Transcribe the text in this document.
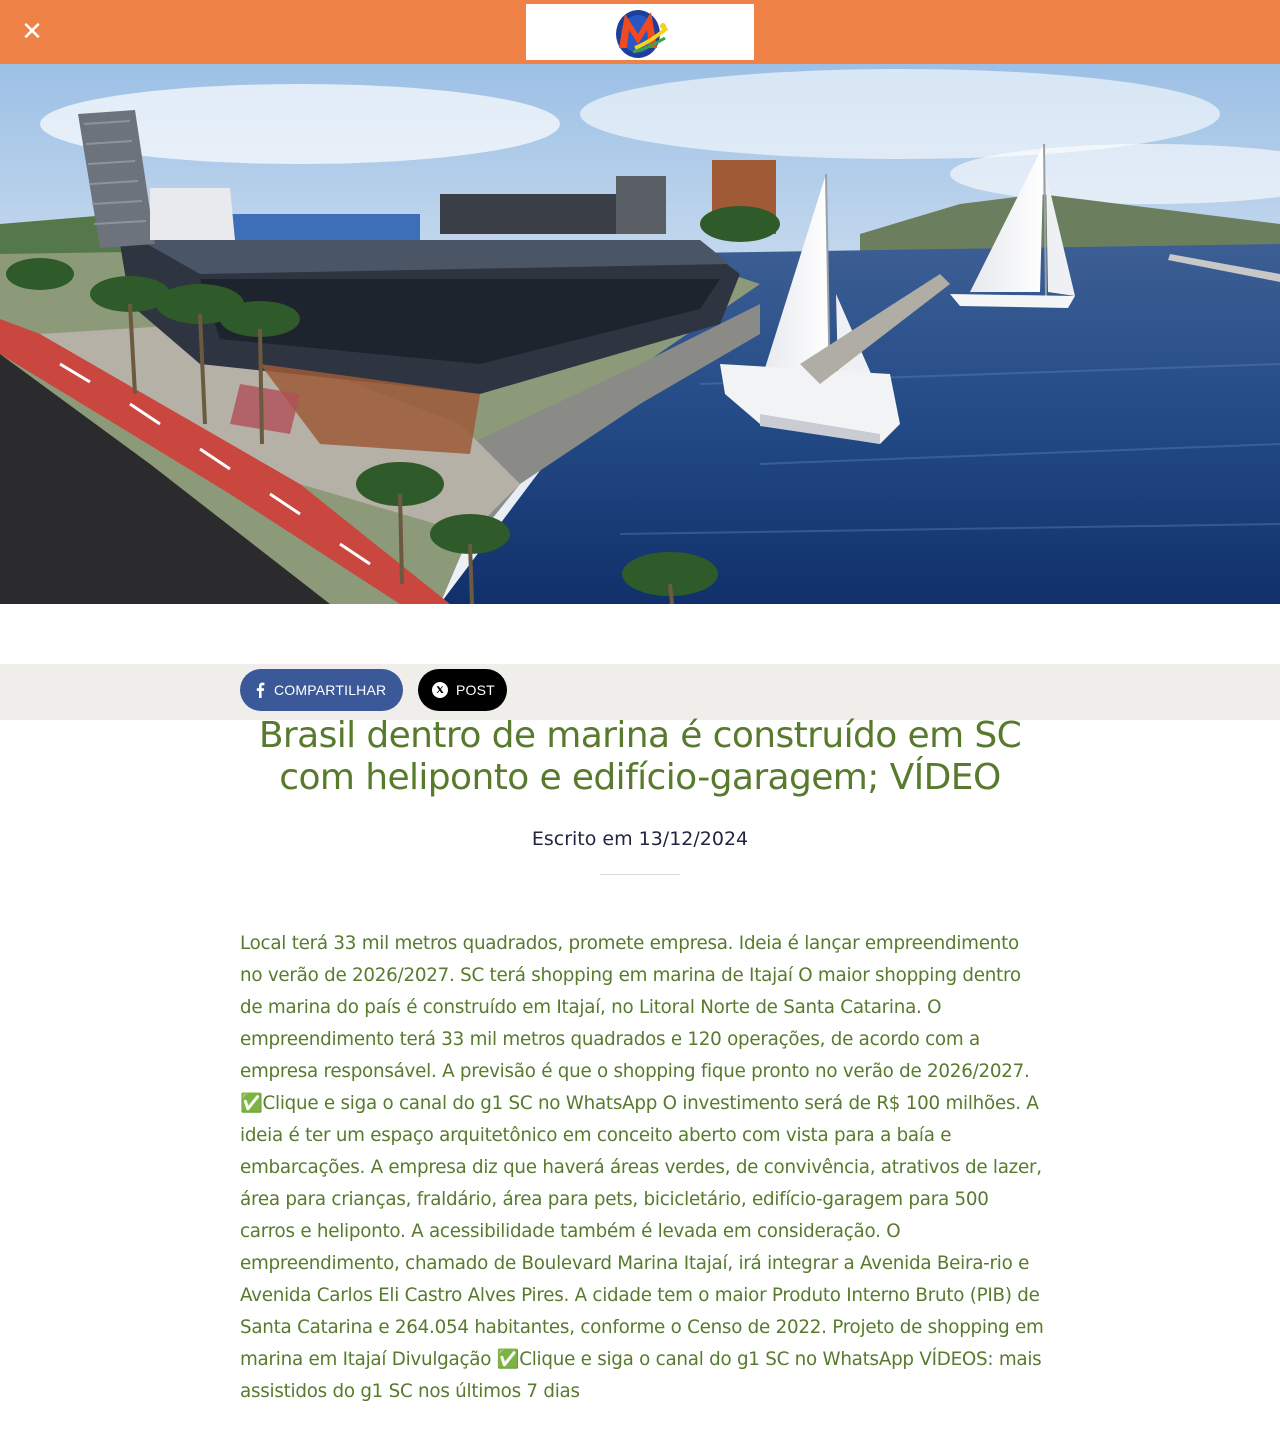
✕
COMPARTILHAR	POST
Brasil dentro de marina é construído em SC com heliponto e edifício-garagem; VÍDEO
Escrito em 13/12/2024

Local terá 33 mil metros quadrados, promete empresa. Ideia é lançar empreendimento no verão de 2026/2027. SC terá shopping em marina de Itajaí O maior shopping dentro de marina do país é construído em Itajaí, no Litoral Norte de Santa Catarina. O empreendimento terá 33 mil metros quadrados e 120 operações, de acordo com a empresa responsável. A previsão é que o shopping fique pronto no verão de 2026/2027. ✅Clique e siga o canal do g1 SC no WhatsApp O investimento será de R$ 100 milhões. A ideia é ter um espaço arquitetônico em conceito aberto com vista para a baía e embarcações. A empresa diz que haverá áreas verdes, de convivência, atrativos de lazer, área para crianças, fraldário, área para pets, bicicletário, edifício-garagem para 500 carros e heliponto. A acessibilidade também é levada em consideração. O empreendimento, chamado de Boulevard Marina Itajaí, irá integrar a Avenida Beira-rio e Avenida Carlos Eli Castro Alves Pires. A cidade tem o maior Produto Interno Bruto (PIB) de Santa Catarina e 264.054 habitantes, conforme o Censo de 2022. Projeto de shopping em marina em Itajaí Divulgação ✅Clique e siga o canal do g1 SC no WhatsApp VÍDEOS: mais assistidos do g1 SC nos últimos 7 dias
